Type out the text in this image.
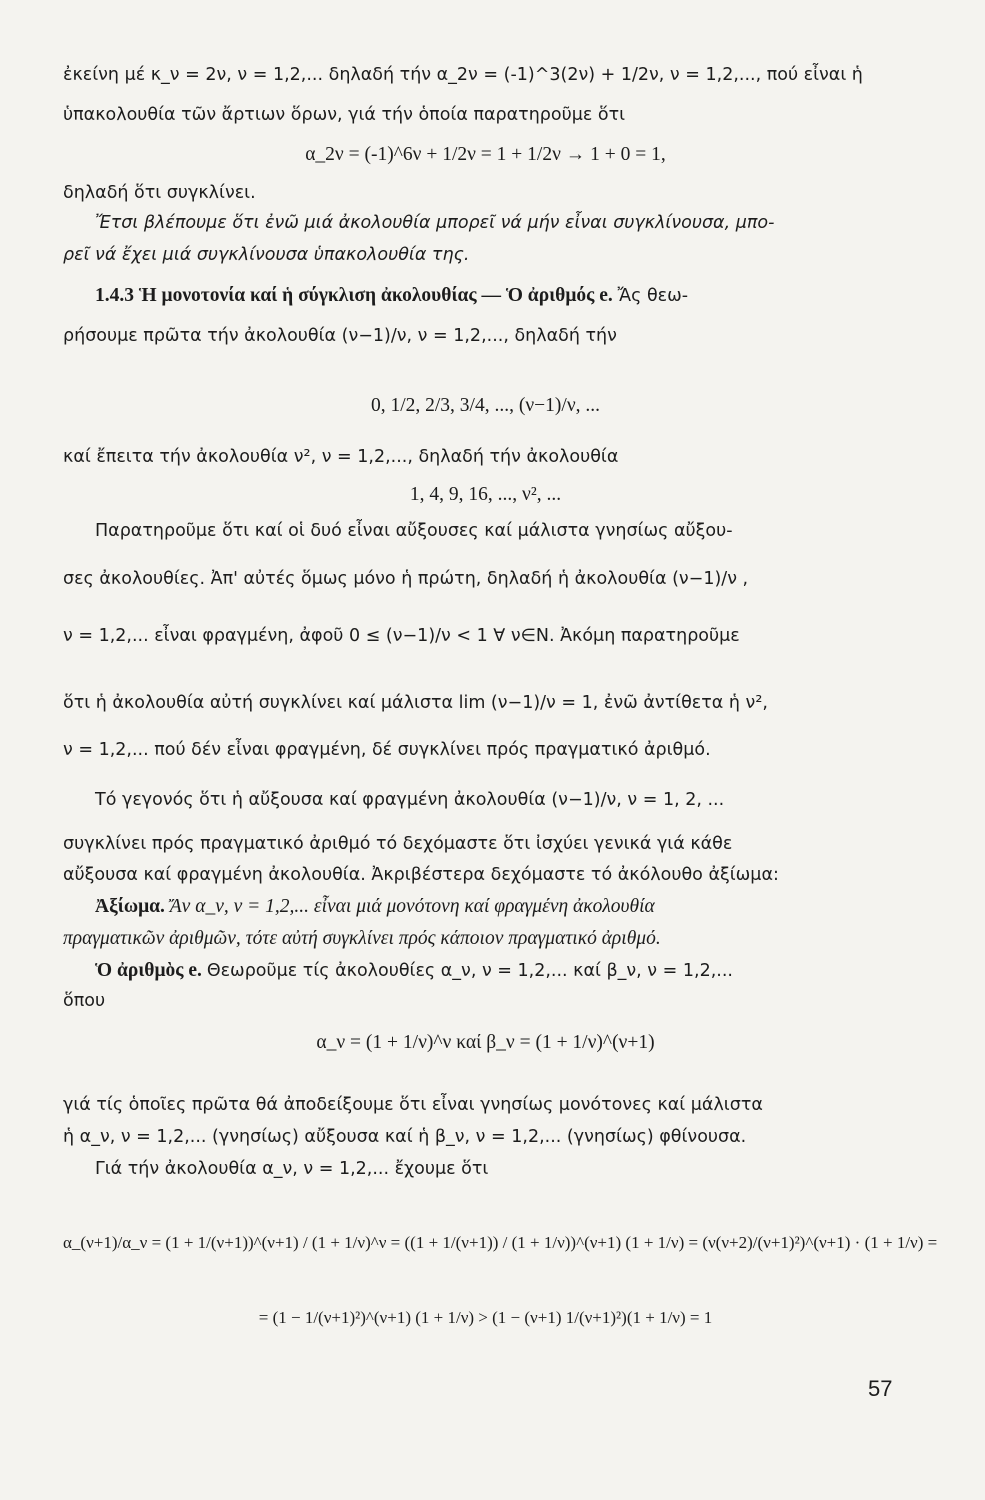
ἐκείνη μέ κ_ν = 2ν, ν = 1,2,... δηλαδή τήν α_2ν = (-1)^3(2ν) + 1/2ν, ν = 1,2,..., πού εἶναι ἡ
ὑπακολουθία τῶν ἄρτιων ὅρων, γιά τήν ὁποία παρατηροῦμε ὅτι
α_2ν = (-1)^6ν + 1/2ν = 1 + 1/2ν → 1 + 0 = 1,
δηλαδή ὅτι συγκλίνει.
Ἔτσι βλέπουμε ὅτι ἐνῶ μιά ἀκολουθία μπορεῖ νά μήν εἶναι συγκλίνουσα, μπο-
ρεῖ νά ἔχει μιά συγκλίνουσα ὑπακολουθία της.
1.4.3 Ἡ μονοτονία καί ἡ σύγκλιση ἀκολουθίας — Ὁ ἀριθμός e. Ἄς θεω-
ρήσουμε πρῶτα τήν ἀκολουθία (ν−1)/ν, ν = 1,2,..., δηλαδή τήν
0, 1/2, 2/3, 3/4, ..., (ν−1)/ν, ...
καί ἔπειτα τήν ἀκολουθία ν², ν = 1,2,..., δηλαδή τήν ἀκολουθία
1, 4, 9, 16, ..., ν², ...
Παρατηροῦμε ὅτι καί οἱ δυό εἶναι αὔξουσες καί μάλιστα γνησίως αὔξου-
σες ἀκολουθίες. Ἀπ' αὐτές ὅμως μόνο ἡ πρώτη, δηλαδή ἡ ἀκολουθία (ν−1)/ν ,
ν = 1,2,... εἶναι φραγμένη, ἀφοῦ 0 ≤ (ν−1)/ν < 1 ∀ ν∈N. Ἀκόμη παρατηροῦμε
ὅτι ἡ ἀκολουθία αὐτή συγκλίνει καί μάλιστα lim (ν−1)/ν = 1, ἐνῶ ἀντίθετα ἡ ν²,
ν = 1,2,... πού δέν εἶναι φραγμένη, δέ συγκλίνει πρός πραγματικό ἀριθμό.
Τό γεγονός ὅτι ἡ αὔξουσα καί φραγμένη ἀκολουθία (ν−1)/ν, ν = 1, 2, ...
συγκλίνει πρός πραγματικό ἀριθμό τό δεχόμαστε ὅτι ἰσχύει γενικά γιά κάθε
αὔξουσα καί φραγμένη ἀκολουθία. Ἀκριβέστερα δεχόμαστε τό ἀκόλουθο ἀξίωμα:
Ἀξίωμα. Ἄν α_ν, ν = 1,2,... εἶναι μιά μονότονη καί φραγμένη ἀκολουθία
πραγματικῶν ἀριθμῶν, τότε αὐτή συγκλίνει πρός κάποιον πραγματικό ἀριθμό.
Ὁ ἀριθμὸς e. Θεωροῦμε τίς ἀκολουθίες α_ν, ν = 1,2,... καί β_ν, ν = 1,2,...
ὅπου
α_ν = (1 + 1/ν)^ν καί β_ν = (1 + 1/ν)^(ν+1)
γιά τίς ὁποῖες πρῶτα θά ἀποδείξουμε ὅτι εἶναι γνησίως μονότονες καί μάλιστα
ἡ α_ν, ν = 1,2,... (γνησίως) αὔξουσα καί ἡ β_ν, ν = 1,2,... (γνησίως) φθίνουσα.
Γιά τήν ἀκολουθία α_ν, ν = 1,2,... ἔχουμε ὅτι
α_(ν+1)/α_ν = (1 + 1/(ν+1))^(ν+1) / (1 + 1/ν)^ν = ((1 + 1/(ν+1)) / (1 + 1/ν))^(ν+1) (1 + 1/ν) = (ν(ν+2)/(ν+1)²)^(ν+1) · (1 + 1/ν) =
= (1 − 1/(ν+1)²)^(ν+1) (1 + 1/ν) > (1 − (ν+1) 1/(ν+1)²)(1 + 1/ν) = 1
57
